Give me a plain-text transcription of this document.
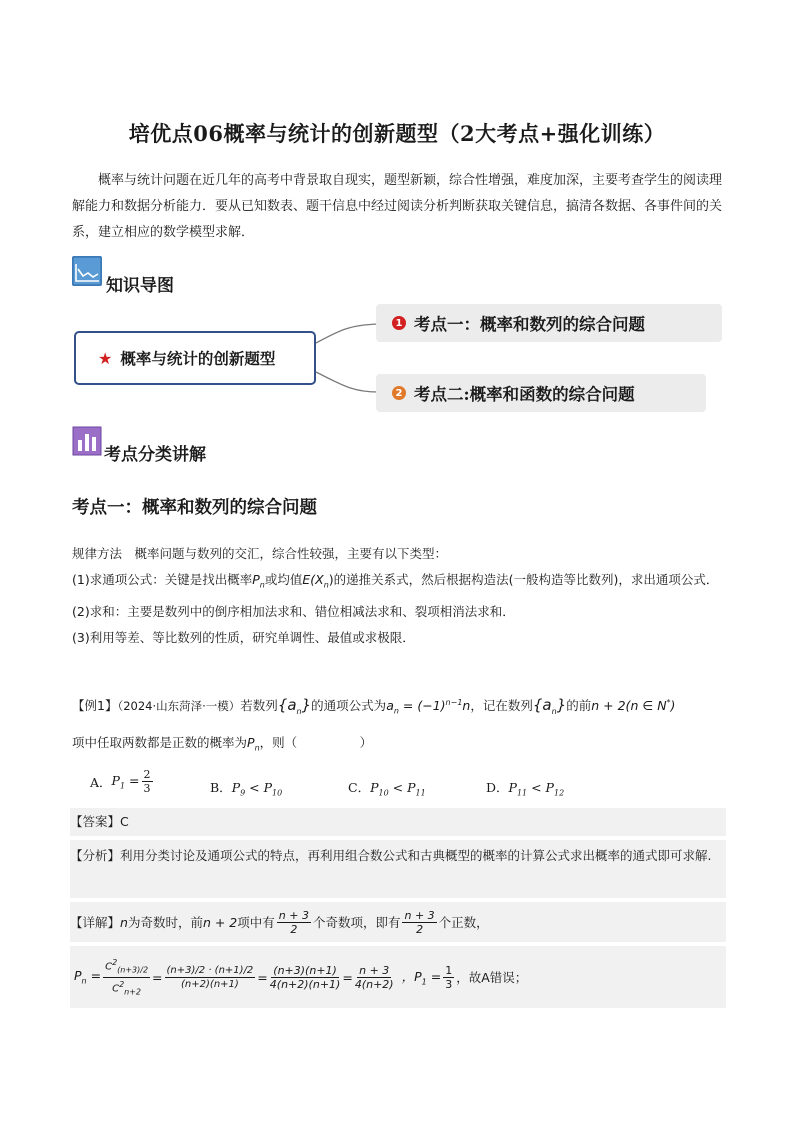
培优点06概率与统计的创新题型（2大考点+强化训练）
概率与统计问题在近几年的高考中背景取自现实，题型新颖，综合性增强，难度加深，主要考查学生的阅读理解能力和数据分析能力．要从已知数表、题干信息中经过阅读分析判断获取关键信息，搞清各数据、各事件间的关系，建立相应的数学模型求解．
知识导图
★ 概率与统计的创新题型
1 考点一：概率和数列的综合问题
2 考点二:概率和函数的综合问题
考点分类讲解
考点一：概率和数列的综合问题
规律方法　概率问题与数列的交汇，综合性较强，主要有以下类型：
(1)求通项公式：关键是找出概率$P_n$或均值$E(X_n)$的递推关系式，然后根据构造法(一般构造等比数列)，求出通项公式．
(2)求和：主要是数列中的倒序相加法求和、错位相减法求和、裂项相消法求和．
(3)利用等差、等比数列的性质，研究单调性、最值或求极限．
【例1】（2024·山东菏泽·一模）若数列$\{a_n\}$的通项公式为$a_n = (-1)^{n-1}n$，记在数列$\{a_n\}$的前n + 2(n ∈ N*)
项中任取两数都是正数的概率为$P_n$，则（　　　　　）
A． $P_1 = \frac{2}{3}$	B．$P_9 < P_{10}$	C．$P_{10} < P_{11}$	D．$P_{11} < P_{12}$
【答案】C
【分析】利用分类讨论及通项公式的特点，再利用组合数公式和古典概型的概率的计算公式求出概率的通式即可求解.
【详解】 n 为奇数时，前 n + 2 项中有 $\frac{n + 3}{2}$ 个奇数项，即有 $\frac{n + 3}{2}$ 个正数，
$P_n = \frac{C^2_{(n+3)/2}}{C^2_{n+2}} = \frac{(n+3)/2 \cdot (n+1)/2}{(n+2)(n+1)} = \frac{(n+3)(n+1)}{4(n+2)(n+1)} = \frac{n + 3}{4(n+2)}$ ，$P_1 = \frac{1}{3}$ ，故A错误；
